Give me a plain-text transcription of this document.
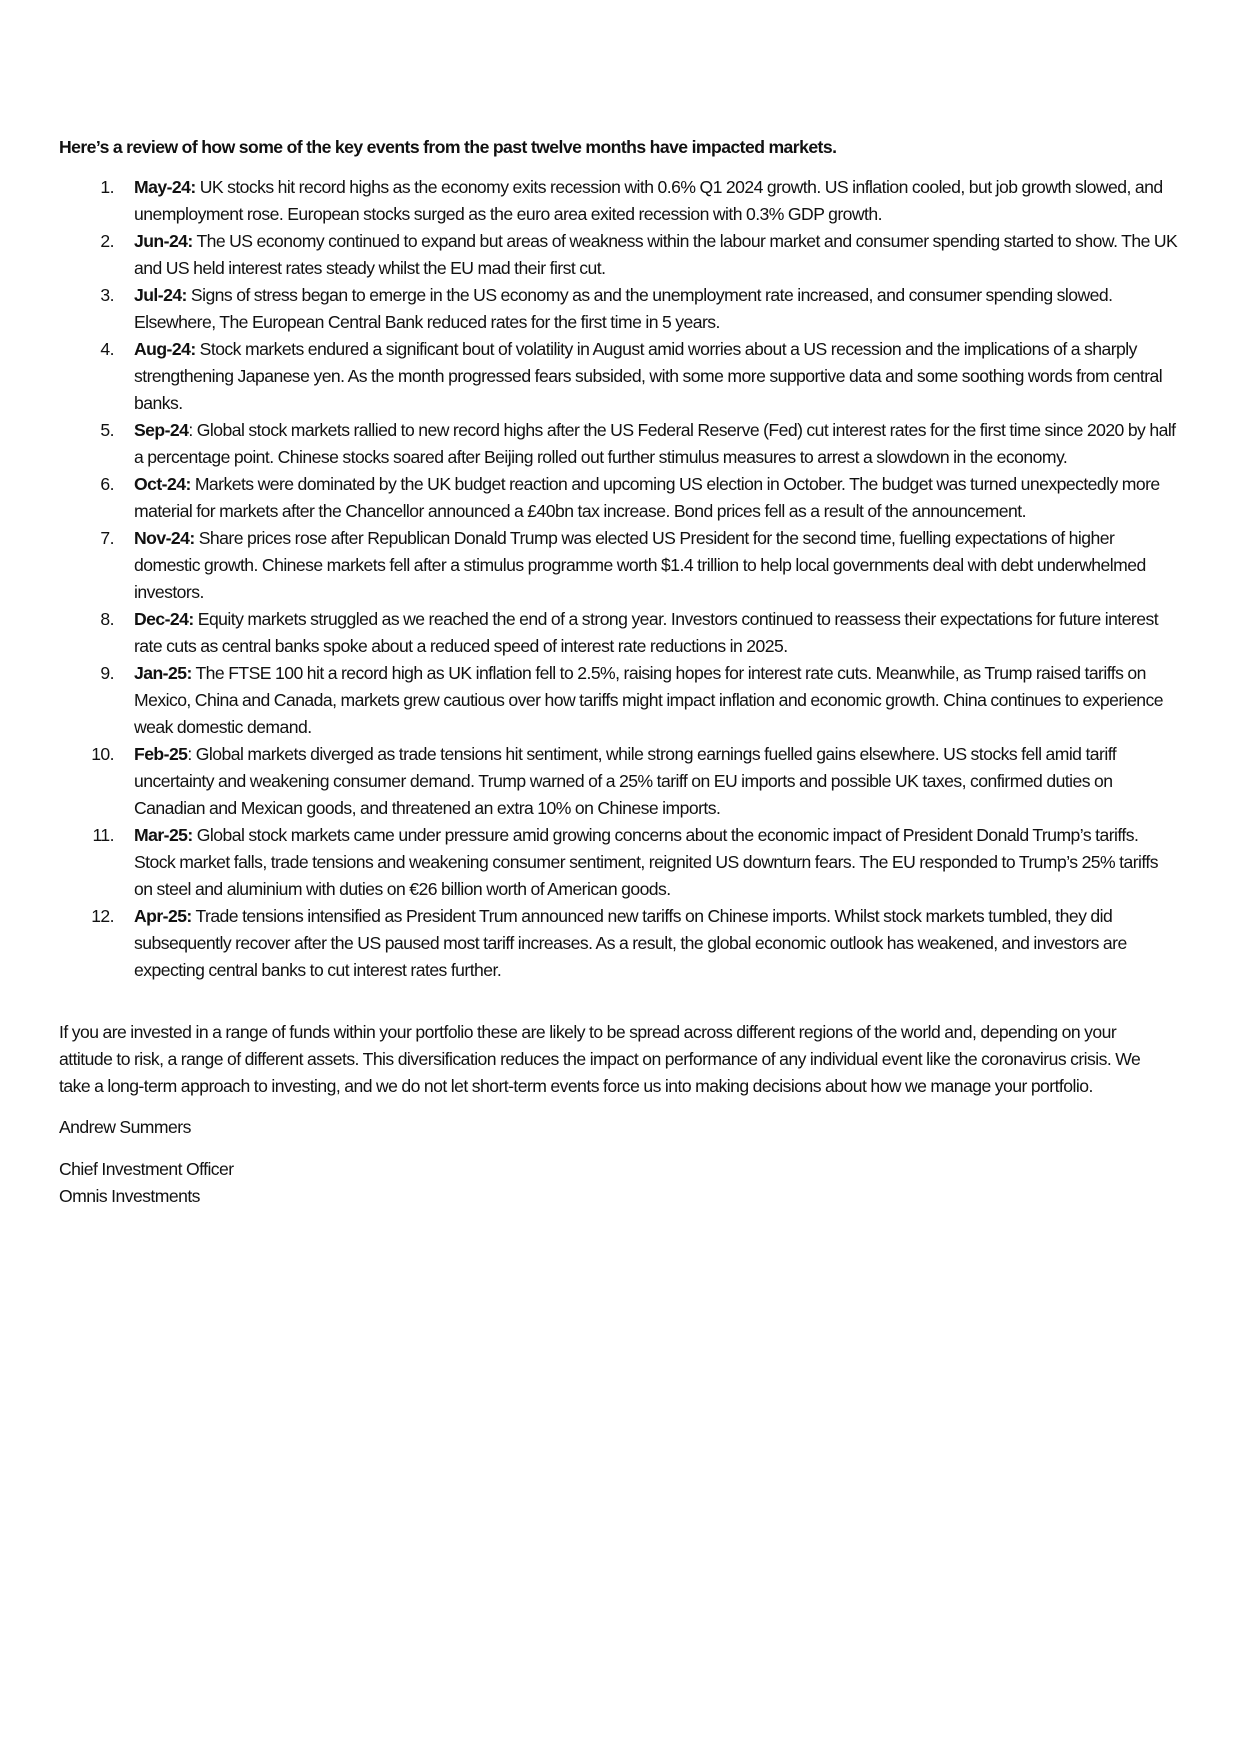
Here’s a review of how some of the key events from the past twelve months have impacted markets.

1. May-24: UK stocks hit record highs as the economy exits recession with 0.6% Q1 2024 growth. US inflation cooled, but job growth slowed, and unemployment rose. European stocks surged as the euro area exited recession with 0.3% GDP growth.
2. Jun-24: The US economy continued to expand but areas of weakness within the labour market and consumer spending started to show. The UK and US held interest rates steady whilst the EU mad their first cut.
3. Jul-24: Signs of stress began to emerge in the US economy as and the unemployment rate increased, and consumer spending slowed. Elsewhere, The European Central Bank reduced rates for the first time in 5 years.
4. Aug-24: Stock markets endured a significant bout of volatility in August amid worries about a US recession and the implications of a sharply strengthening Japanese yen. As the month progressed fears subsided, with some more supportive data and some soothing words from central banks.
5. Sep-24: Global stock markets rallied to new record highs after the US Federal Reserve (Fed) cut interest rates for the first time since 2020 by half a percentage point. Chinese stocks soared after Beijing rolled out further stimulus measures to arrest a slowdown in the economy.
6. Oct-24: Markets were dominated by the UK budget reaction and upcoming US election in October. The budget was turned unexpectedly more material for markets after the Chancellor announced a £40bn tax increase. Bond prices fell as a result of the announcement.
7. Nov-24: Share prices rose after Republican Donald Trump was elected US President for the second time, fuelling expectations of higher domestic growth. Chinese markets fell after a stimulus programme worth $1.4 trillion to help local governments deal with debt underwhelmed investors.
8. Dec-24: Equity markets struggled as we reached the end of a strong year. Investors continued to reassess their expectations for future interest rate cuts as central banks spoke about a reduced speed of interest rate reductions in 2025.
9. Jan-25: The FTSE 100 hit a record high as UK inflation fell to 2.5%, raising hopes for interest rate cuts. Meanwhile, as Trump raised tariffs on Mexico, China and Canada, markets grew cautious over how tariffs might impact inflation and economic growth. China continues to experience weak domestic demand.
10. Feb-25: Global markets diverged as trade tensions hit sentiment, while strong earnings fuelled gains elsewhere. US stocks fell amid tariff uncertainty and weakening consumer demand. Trump warned of a 25% tariff on EU imports and possible UK taxes, confirmed duties on Canadian and Mexican goods, and threatened an extra 10% on Chinese imports.
11. Mar-25: Global stock markets came under pressure amid growing concerns about the economic impact of President Donald Trump’s tariffs. Stock market falls, trade tensions and weakening consumer sentiment, reignited US downturn fears. The EU responded to Trump’s 25% tariffs on steel and aluminium with duties on €26 billion worth of American goods.
12. Apr-25: Trade tensions intensified as President Trum announced new tariffs on Chinese imports. Whilst stock markets tumbled, they did subsequently recover after the US paused most tariff increases. As a result, the global economic outlook has weakened, and investors are expecting central banks to cut interest rates further.

If you are invested in a range of funds within your portfolio these are likely to be spread across different regions of the world and, depending on your attitude to risk, a range of different assets. This diversification reduces the impact on performance of any individual event like the coronavirus crisis. We take a long-term approach to investing, and we do not let short-term events force us into making decisions about how we manage your portfolio.

Andrew Summers

Chief Investment Officer

Omnis Investments
